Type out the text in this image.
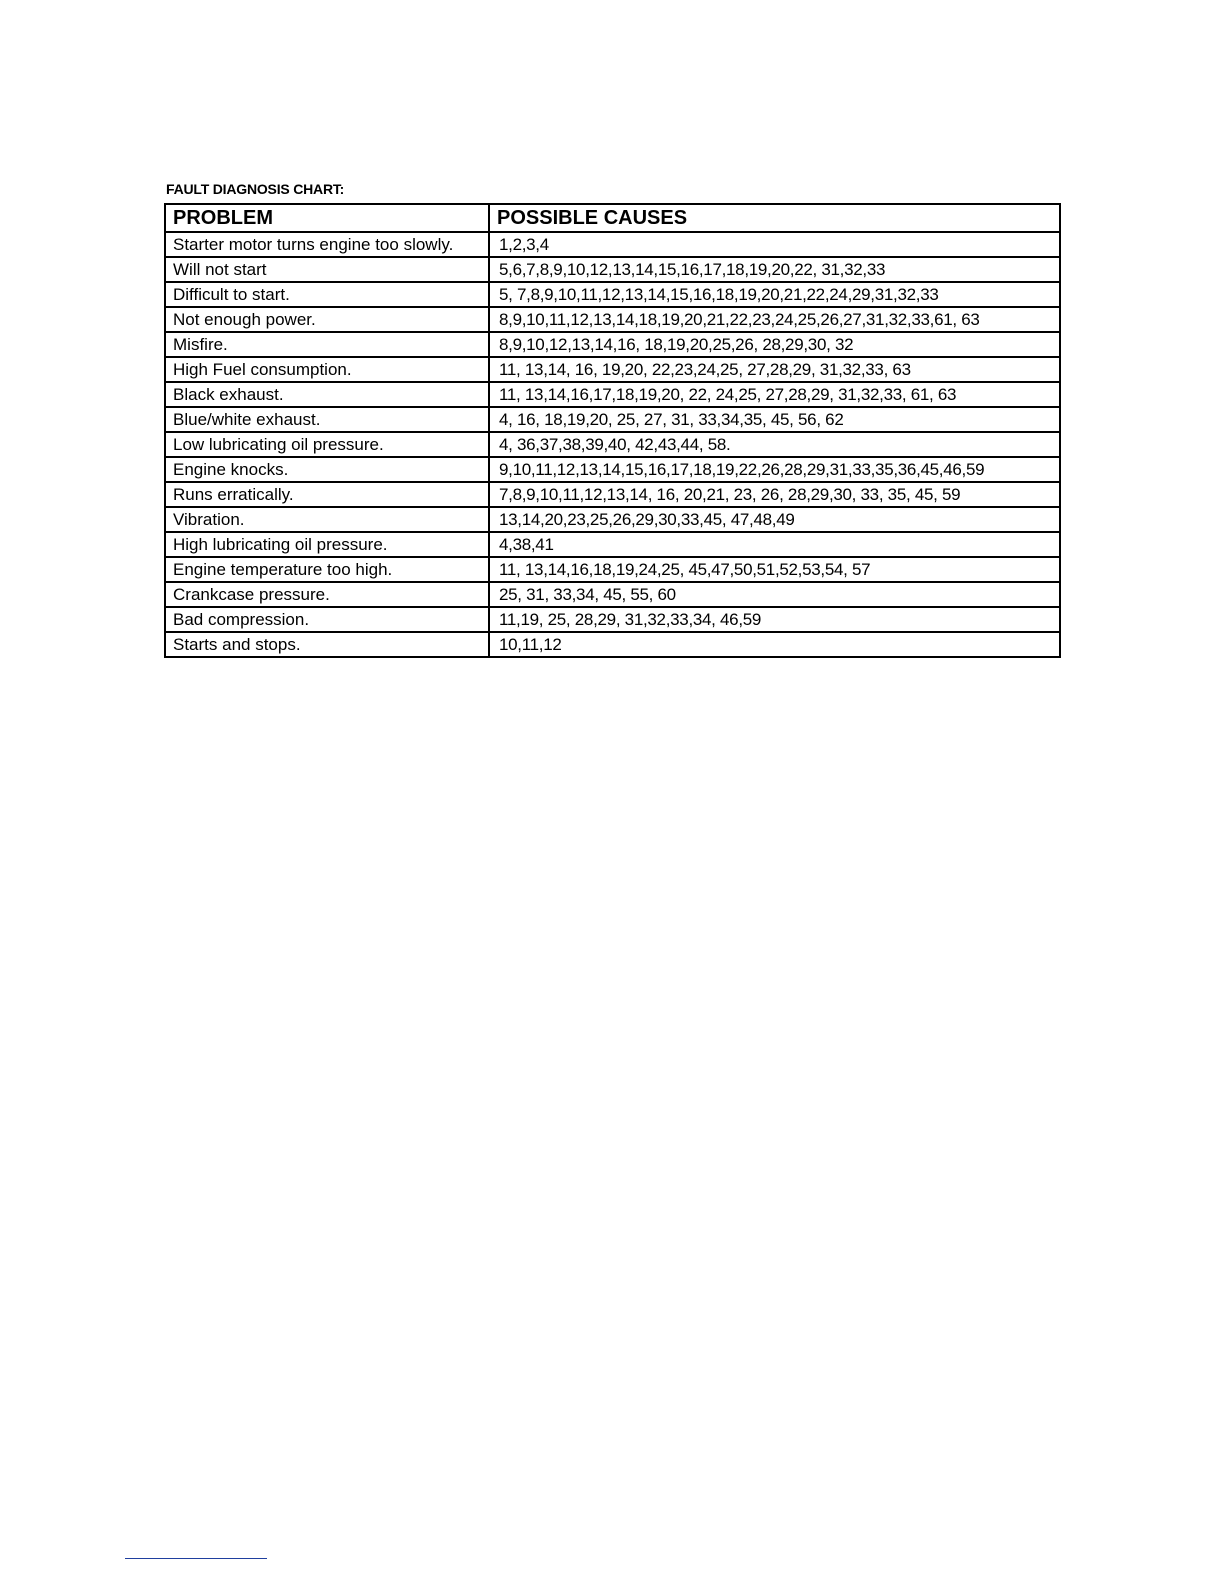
FAULT DIAGNOSIS CHART:
PROBLEM	POSSIBLE CAUSES
Starter motor turns engine too slowly.	1,2,3,4
Will not start	5,6,7,8,9,10,12,13,14,15,16,17,18,19,20,22, 31,32,33
Difficult to start.	5, 7,8,9,10,11,12,13,14,15,16,18,19,20,21,22,24,29,31,32,33
Not enough power.	8,9,10,11,12,13,14,18,19,20,21,22,23,24,25,26,27,31,32,33,61, 63
Misfire.	8,9,10,12,13,14,16, 18,19,20,25,26, 28,29,30, 32
High Fuel consumption.	11, 13,14, 16, 19,20, 22,23,24,25, 27,28,29, 31,32,33, 63
Black exhaust.	11, 13,14,16,17,18,19,20, 22, 24,25, 27,28,29, 31,32,33, 61, 63
Blue/white exhaust.	4, 16, 18,19,20, 25, 27, 31, 33,34,35, 45, 56, 62
Low lubricating oil pressure.	4, 36,37,38,39,40, 42,43,44, 58.
Engine knocks.	9,10,11,12,13,14,15,16,17,18,19,22,26,28,29,31,33,35,36,45,46,59
Runs erratically.	7,8,9,10,11,12,13,14, 16, 20,21, 23, 26, 28,29,30, 33, 35, 45, 59
Vibration.	13,14,20,23,25,26,29,30,33,45, 47,48,49
High lubricating oil pressure.	4,38,41
Engine temperature too high.	11, 13,14,16,18,19,24,25, 45,47,50,51,52,53,54, 57
Crankcase pressure.	25, 31, 33,34, 45, 55, 60
Bad compression.	11,19, 25, 28,29, 31,32,33,34, 46,59
Starts and stops.	10,11,12
